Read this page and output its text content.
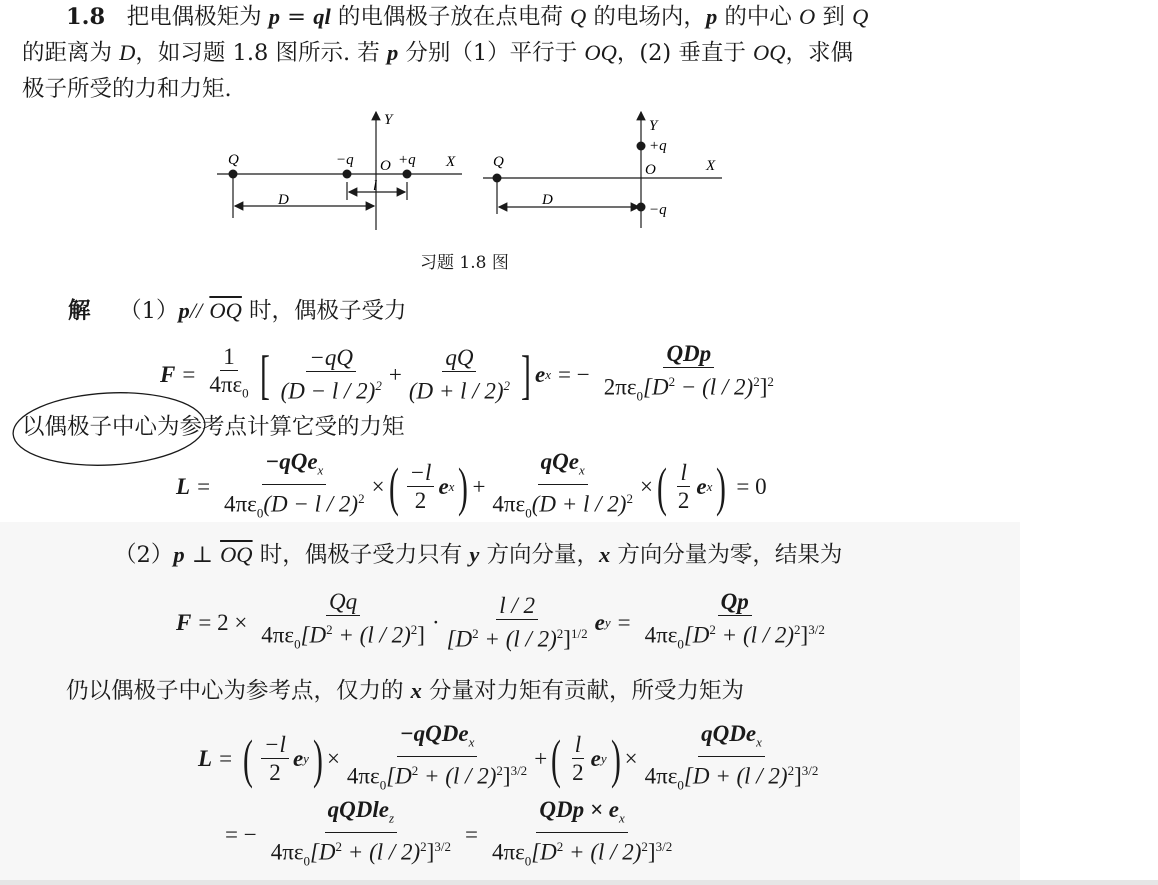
1.8 把电偶极矩为 p = ql 的电偶极子放在点电荷 Q 的电场内，p 的中心 O 到 Q
的距离为 D，如习题 1.8 图所示. 若 p 分别（1）平行于 OQ，(2) 垂直于 OQ，求偶
极子所受的力和力矩.
Y
X
Q	−q O +q
D
l
Y
X
Q
+q
O
−q
D
习题 1.8 图
解 （1）p// $\overline{OQ}$ 时，偶极子受力
$F = \frac{1}{4\pi\varepsilon_0}$ [ $\frac{-qQ}{(D - l / 2)^2} + \frac{qQ}{(D + l / 2)^2}$ ] e x = − $\frac{\text{QDp}}{2\pi\varepsilon_0[D^2 - (l / 2)^2]^2}$
以偶极子中心为参考点计算它受的力矩
$L = \frac{-qQe_x}{4\pi\varepsilon_0(D - l / 2)^2}$ × ( $\frac{-l}{2}$ e x ) + $\frac{qQe_x}{4\pi\varepsilon_0(D + l / 2)^2}$ × ( $\frac{l}{2}$ e x ) = 0
（2）p ⊥ $\overline{OQ}$ 时，偶极子受力只有 y 方向分量，x 方向分量为零，结果为
$F = 2 \times \frac{Qq}{4\pi\varepsilon_0[D^2 + (l / 2)^2]} \cdot \frac{l / 2}{[D^2 + (l / 2)^2]^{1/2}}$ e $y = \frac{Qp}{4\pi\varepsilon_0[D^2 + (l / 2)^2]^{3/2}}$
仍以偶极子中心为参考点，仅力的 x 分量对力矩有贡献，所受力矩为
L = ( $\frac{-l}{2}$ e y ) × $\frac{-qQDe_x}{4\pi\varepsilon_0[D^2 + (l / 2)^2]^{3/2}}$ + ( $\frac{l}{2}$ e y ) × $\frac{qQDe_x}{4\pi\varepsilon_0[D + (l / 2)^2]^{3/2}}$
= − $\frac{qQDle_z}{4\pi\varepsilon_0[D^2 + (l / 2)^2]^{3/2}} = \frac{QDp \times e_x}{4\pi\varepsilon_0[D^2 + (l / 2)^2]^{3/2}}$
